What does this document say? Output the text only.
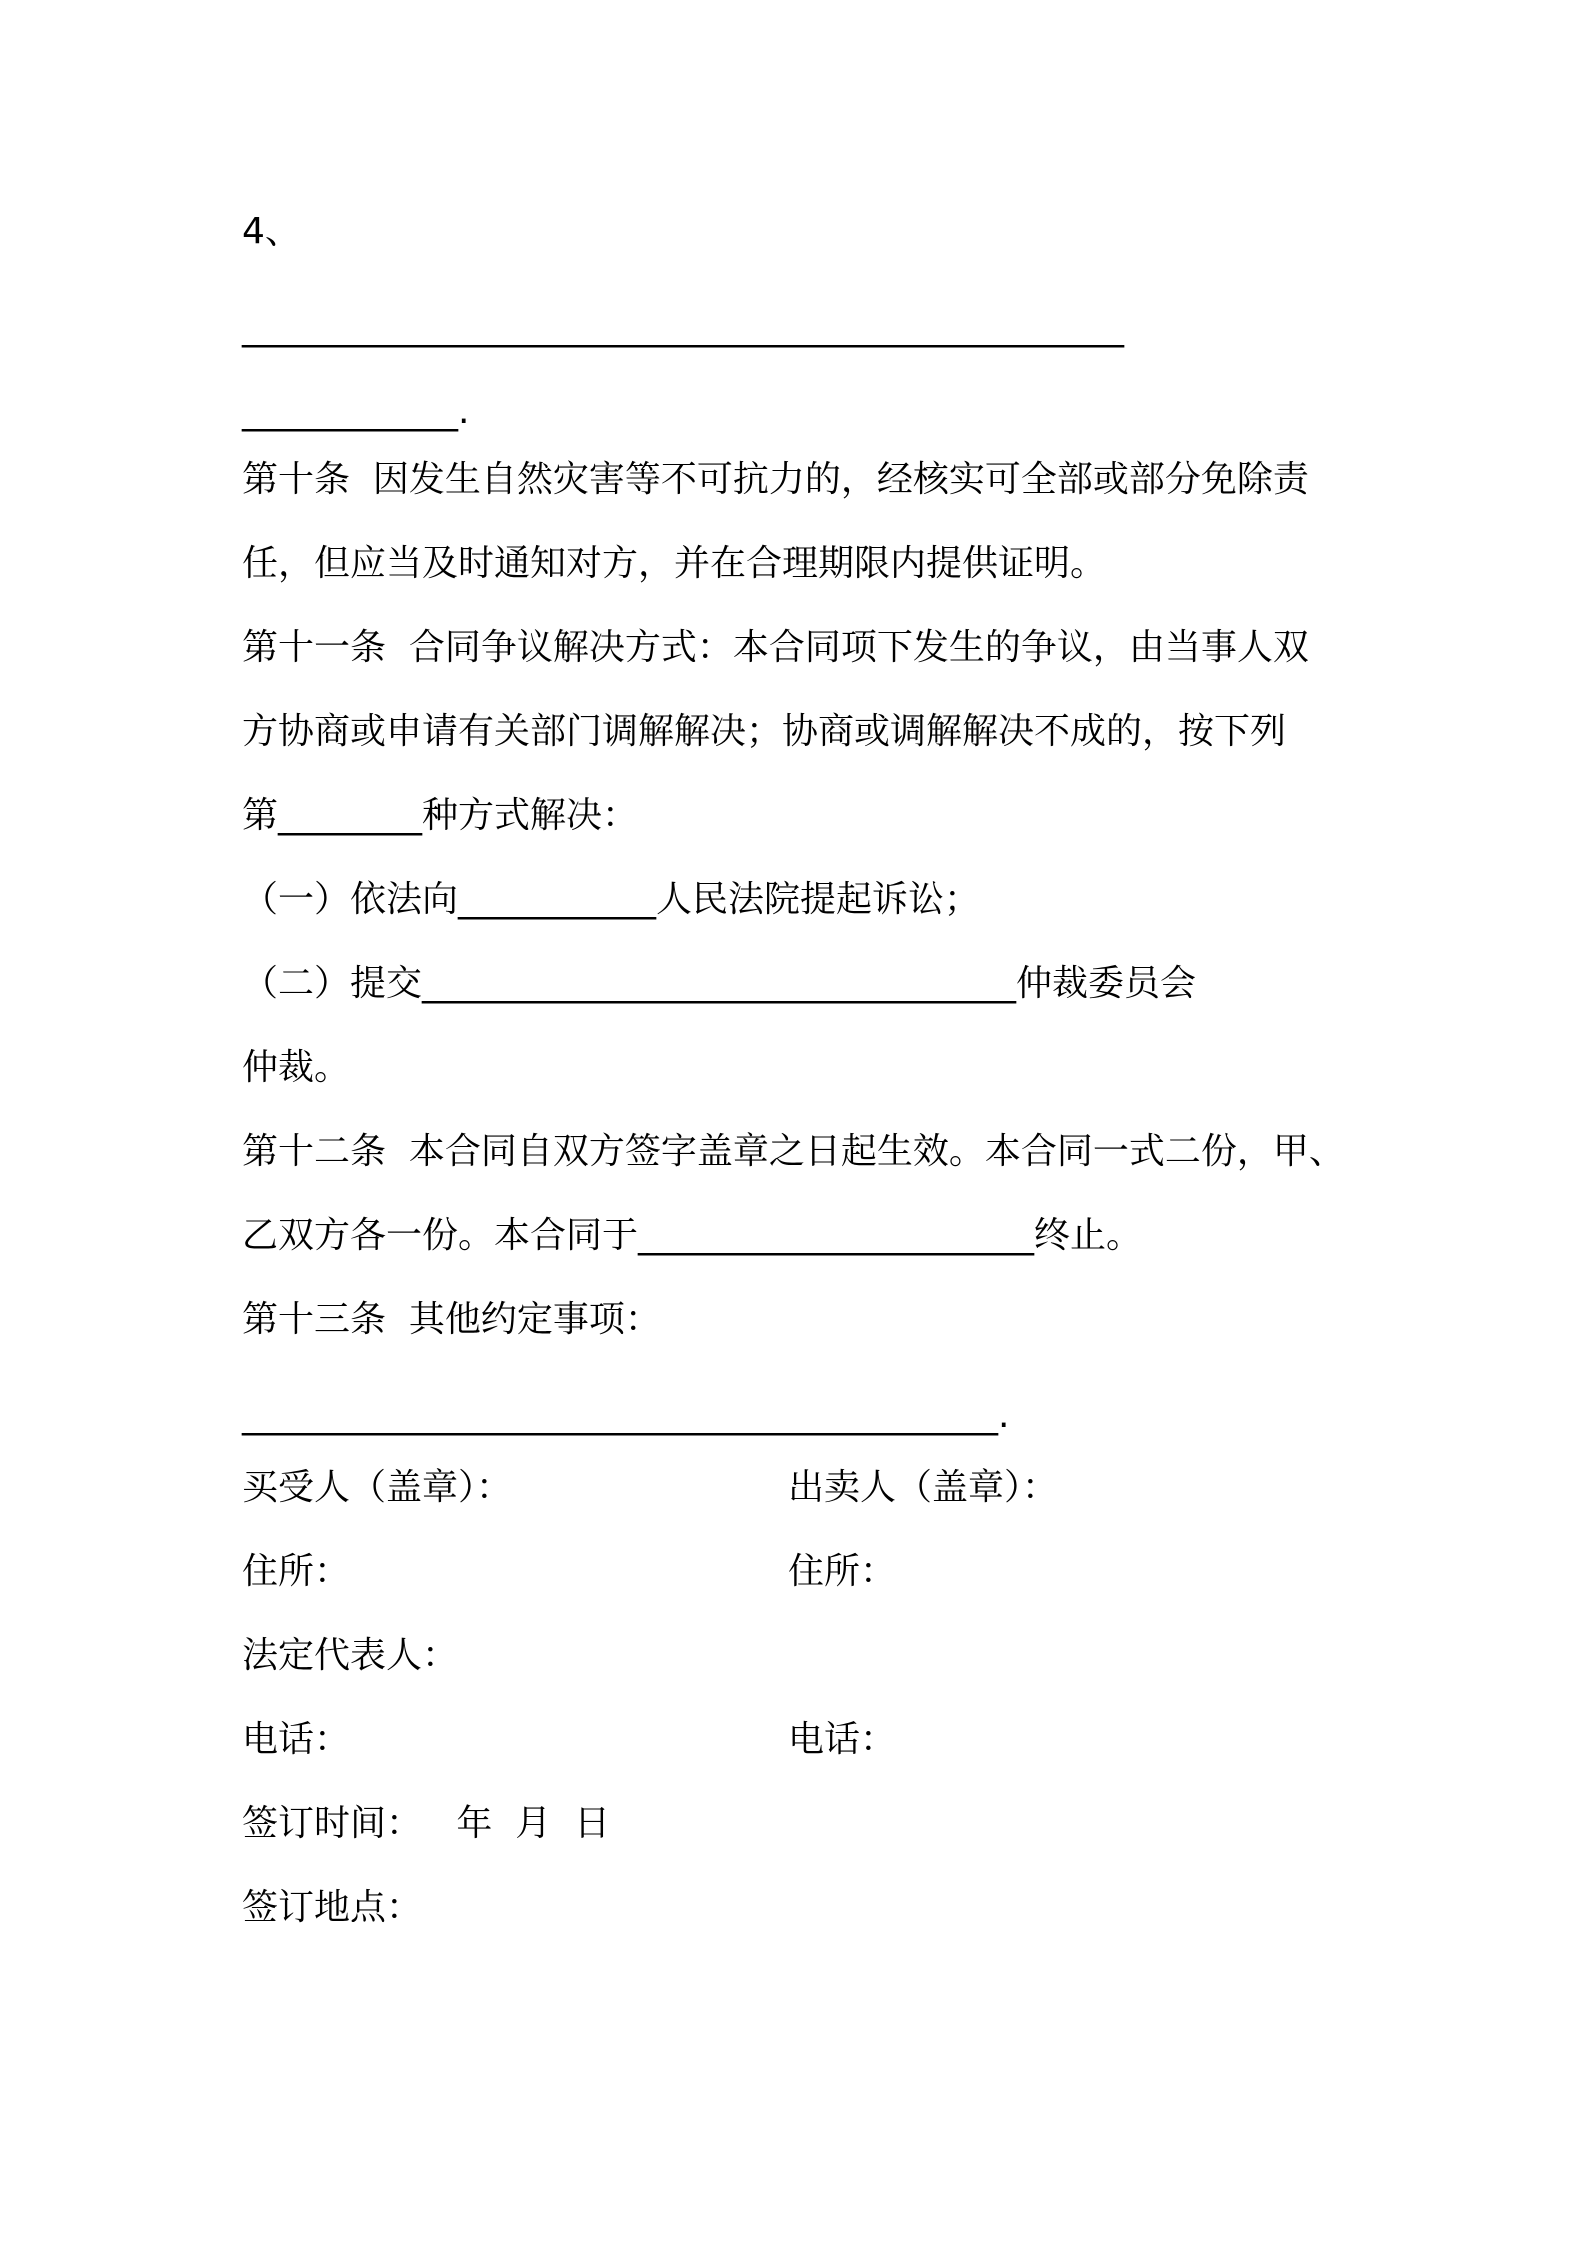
4、
_________________________________________________
____________.
第十条  因发生自然灾害等不可抗力的，经核实可全部或部分免除责
任，但应当及时通知对方，并在合理期限内提供证明。
第十一条  合同争议解决方式：本合同项下发生的争议，由当事人双
方协商或申请有关部门调解解决；协商或调解解决不成的，按下列
第________种方式解决：
（一）依法向___________人民法院提起诉讼；
（二）提交_________________________________仲裁委员会
仲裁。
第十二条  本合同自双方签字盖章之日起生效。本合同一式二份，甲、
乙双方各一份。本合同于______________________终止。
第十三条  其他约定事项：
__________________________________________.
买受人（盖章）：	出卖人（盖章）：
住所：	住所：
法定代表人：
电话：	电话：
签订时间：   年  月  日
签订地点：
